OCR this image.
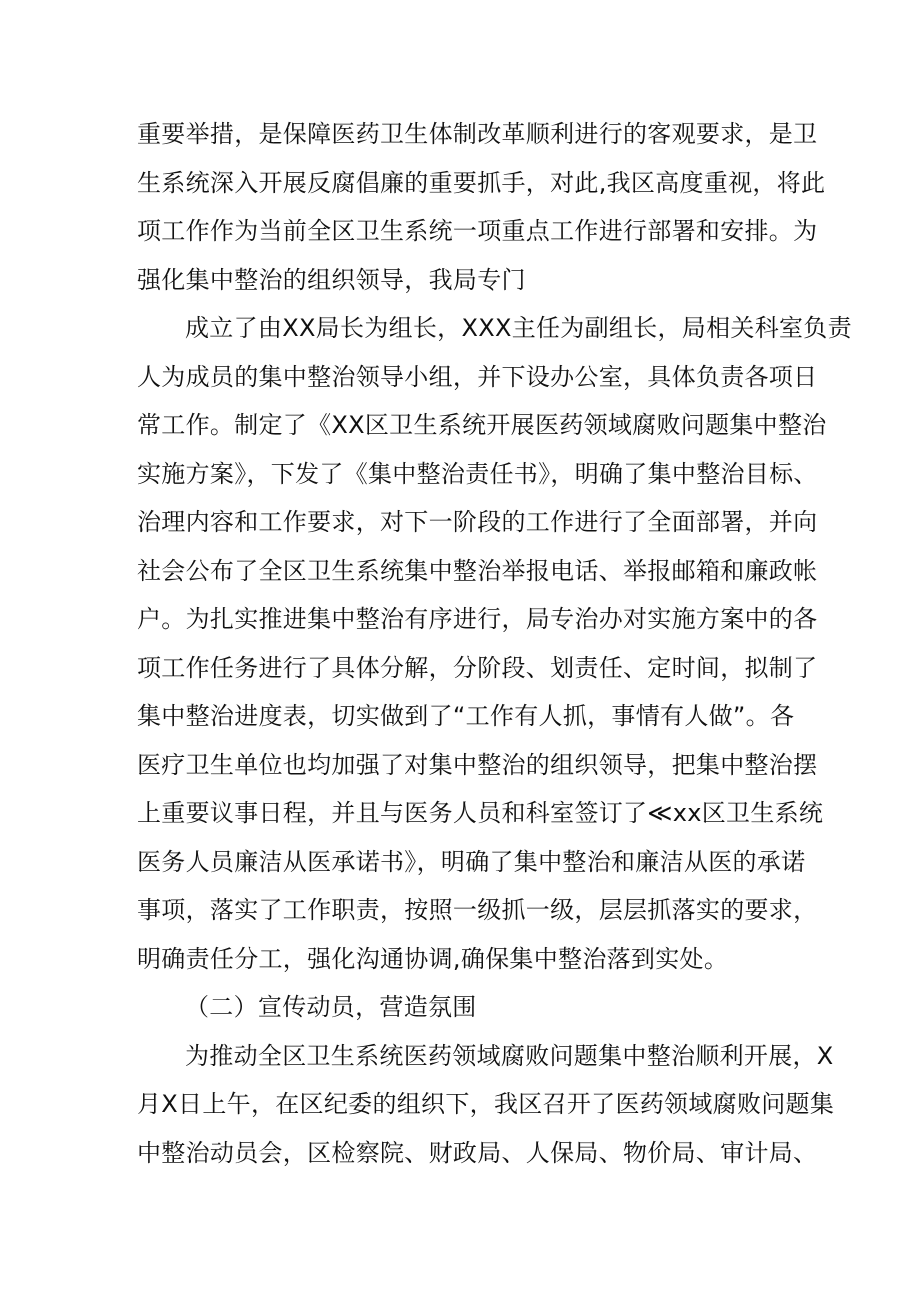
重要举措，是保障医药卫生体制改革顺利进行的客观要求，是卫
生系统深入开展反腐倡廉的重要抓手，对此,我区高度重视，将此
项工作作为当前全区卫生系统一项重点工作进行部署和安排。为
强化集中整治的组织领导，我局专门
成立了由XX局长为组长，XXX主任为副组长，局相关科室负责
人为成员的集中整治领导小组，并下设办公室，具体负责各项日
常工作。制定了《XX区卫生系统开展医药领域腐败问题集中整治
实施方案》，下发了《集中整治责任书》，明确了集中整治目标、
治理内容和工作要求，对下一阶段的工作进行了全面部署，并向
社会公布了全区卫生系统集中整治举报电话、举报邮箱和廉政帐
户。为扎实推进集中整治有序进行，局专治办对实施方案中的各
项工作任务进行了具体分解，分阶段、划责任、定时间，拟制了
集中整治进度表，切实做到了“工作有人抓，事情有人做”。各
医疗卫生单位也均加强了对集中整治的组织领导，把集中整治摆
上重要议事日程，并且与医务人员和科室签订了≪xx区卫生系统
医务人员廉洁从医承诺书》，明确了集中整治和廉洁从医的承诺
事项，落实了工作职责，按照一级抓一级，层层抓落实的要求，
明确责任分工，强化沟通协调,确保集中整治落到实处。
（二）宣传动员，营造氛围
为推动全区卫生系统医药领域腐败问题集中整治顺利开展，X
月X日上午，在区纪委的组织下，我区召开了医药领域腐败问题集
中整治动员会，区检察院、财政局、人保局、物价局、审计局、
